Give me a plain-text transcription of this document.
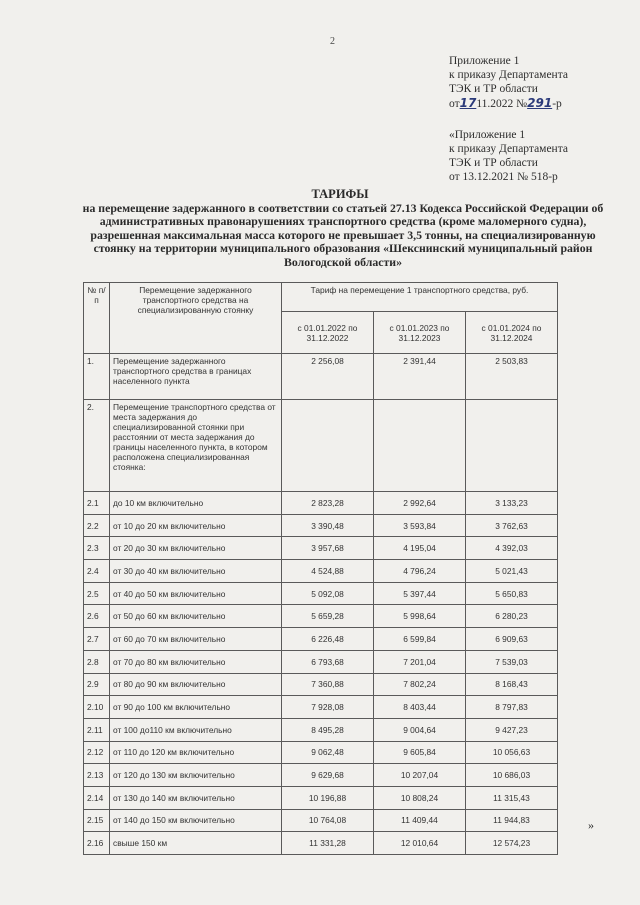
2
Приложение 1
к приказу Департамента
ТЭК и ТР области
от1711.2022 №291-р
«Приложение 1
к приказу Департамента
ТЭК и ТР области
от 13.12.2021 № 518-р
ТАРИФЫ
на перемещение задержанного в соответствии со статьей 27.13 Кодекса Российской Федерации об административных правонарушениях транспортного средства (кроме маломерного судна), разрешенная максимальная масса которого не превышает 3,5 тонны, на специализированную стоянку на территории муниципального образования «Шекснинский муниципальный район Вологодской области»
№ п/п	Перемещение задержанного транспортного средства на специализированную стоянку	Тариф на перемещение 1 транспортного средства, руб.		
		с 01.01.2022 по 31.12.2022	с 01.01.2023 по 31.12.2023	с 01.01.2024 по 31.12.2024
1.	Перемещение задержанного транспортного средства в границах населенного пункта	2 256,08	2 391,44	2 503,83
2.	Перемещение транспортного средства от места задержания до специализированной стоянки при расстоянии от места задержания до границы населенного пункта, в котором расположена специализированная стоянка:			
2.1	до 10 км включительно	2 823,28	2 992,64	3 133,23
2.2	от 10 до 20 км включительно	3 390,48	3 593,84	3 762,63
2.3	от 20 до 30 км включительно	3 957,68	4 195,04	4 392,03
2.4	от 30 до 40 км включительно	4 524,88	4 796,24	5 021,43
2.5	от 40 до 50 км включительно	5 092,08	5 397,44	5 650,83
2.6	от 50 до 60 км включительно	5 659,28	5 998,64	6 280,23
2.7	от 60 до 70 км включительно	6 226,48	6 599,84	6 909,63
2.8	от 70 до 80 км включительно	6 793,68	7 201,04	7 539,03
2.9	от 80 до 90 км включительно	7 360,88	7 802,24	8 168,43
2.10	от 90 до 100 км включительно	7 928,08	8 403,44	8 797,83
2.11	от 100 до110 км включительно	8 495,28	9 004,64	9 427,23
2.12	от 110 до 120 км включительно	9 062,48	9 605,84	10 056,63
2.13	от 120 до 130 км включительно	9 629,68	10 207,04	10 686,03
2.14	от 130 до 140 км включительно	10 196,88	10 808,24	11 315,43
2.15	от 140 до 150 км включительно	10 764,08	11 409,44	11 944,83
2.16	свыше 150 км	11 331,28	12 010,64	12 574,23
»
